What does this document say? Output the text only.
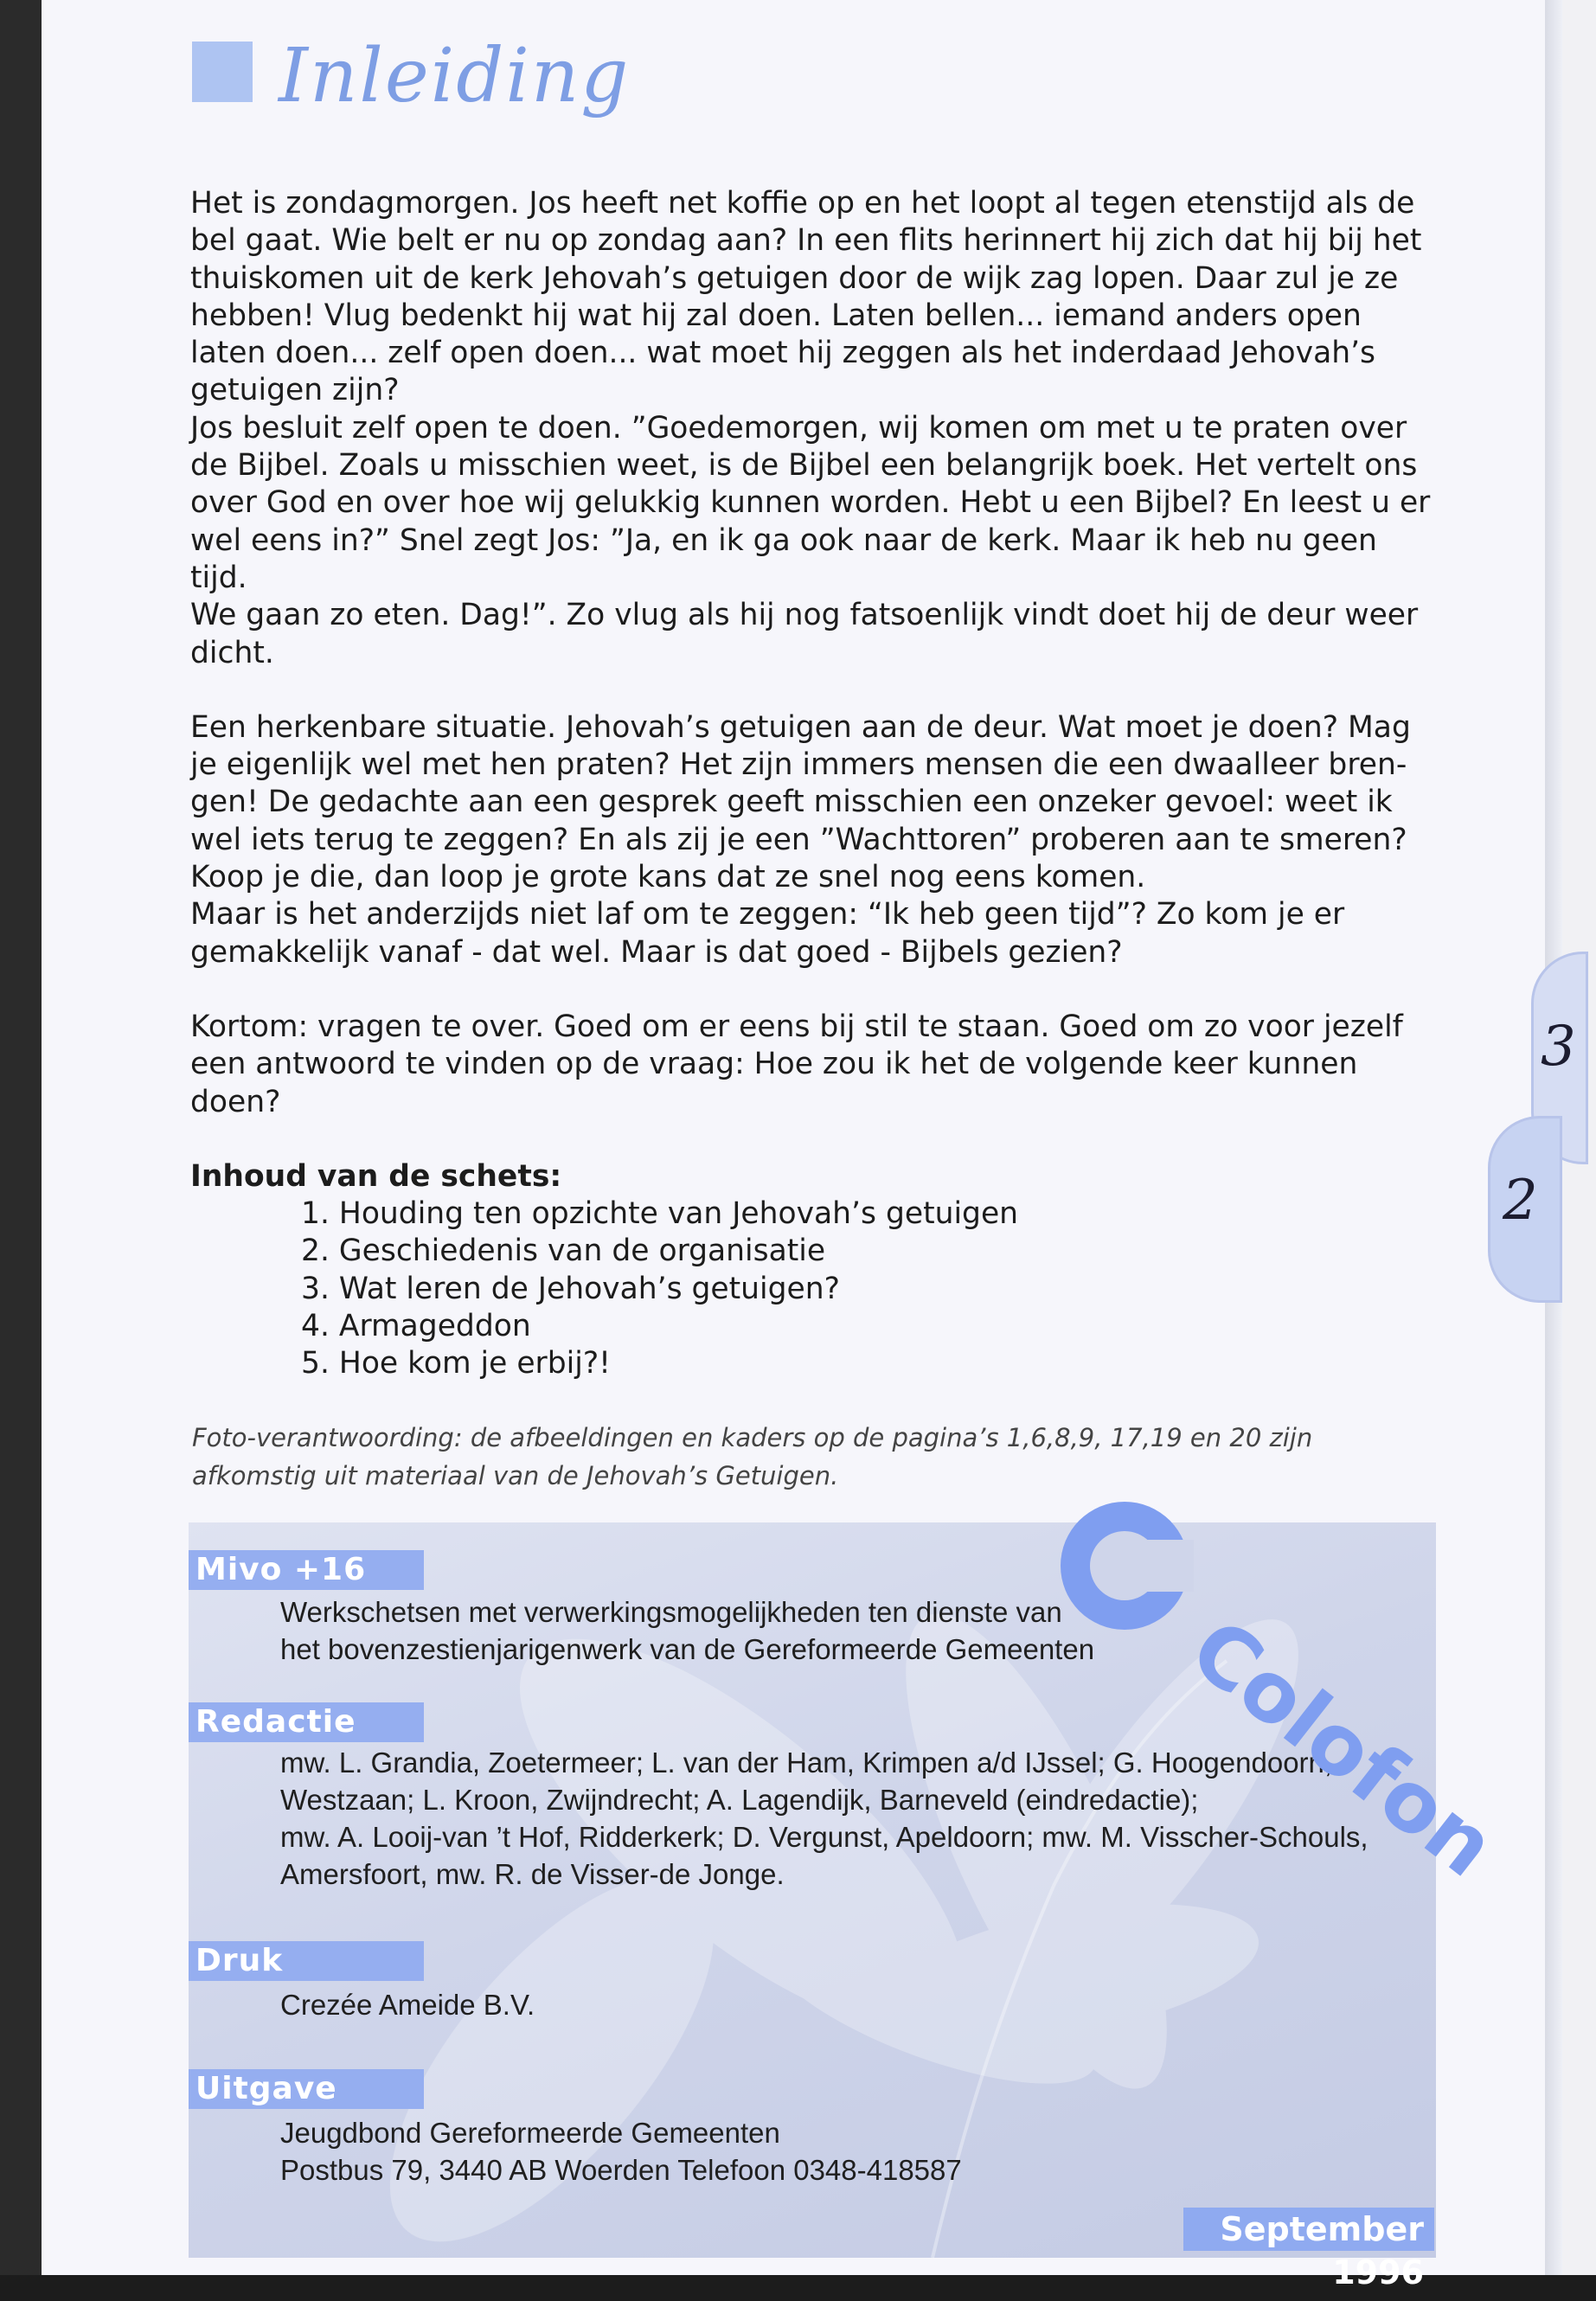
3
2
Inleiding

Het is zondagmorgen. Jos heeft net koffie op en het loopt al tegen etenstijd als de
bel gaat. Wie belt er nu op zondag aan? In een flits herinnert hij zich dat hij bij het
thuiskomen uit de kerk Jehovah’s getuigen door de wijk zag lopen. Daar zul je ze
hebben! Vlug bedenkt hij wat hij zal doen. Laten bellen... iemand anders open
laten doen... zelf open doen... wat moet hij zeggen als het inderdaad Jehovah’s
getuigen zijn?

Jos besluit zelf open te doen. ”Goedemorgen, wij komen om met u te praten over
de Bijbel. Zoals u misschien weet, is de Bijbel een belangrijk boek. Het vertelt ons
over God en over hoe wij gelukkig kunnen worden. Hebt u een Bijbel? En leest u er
wel eens in?” Snel zegt Jos: ”Ja, en ik ga ook naar de kerk. Maar ik heb nu geen tijd.
We gaan zo eten. Dag!”. Zo vlug als hij nog fatsoenlijk vindt doet hij de deur weer
dicht.

Een herkenbare situatie. Jehovah’s getuigen aan de deur. Wat moet je doen? Mag
je eigenlijk wel met hen praten? Het zijn immers mensen die een dwaalleer bren-
gen! De gedachte aan een gesprek geeft misschien een onzeker gevoel: weet ik
wel iets terug te zeggen? En als zij je een ”Wachttoren” proberen aan te smeren?
Koop je die, dan loop je grote kans dat ze snel nog eens komen.

Maar is het anderzijds niet laf om te zeggen: “Ik heb geen tijd”? Zo kom je er
gemakkelijk vanaf - dat wel. Maar is dat goed - Bijbels gezien?

Kortom: vragen te over. Goed om er eens bij stil te staan. Goed om zo voor jezelf
een antwoord te vinden op de vraag: Hoe zou ik het de volgende keer kunnen
doen?

Inhoud van de schets:

1. Houding ten opzichte van Jehovah’s getuigen
2. Geschiedenis van de organisatie
3. Wat leren de Jehovah’s getuigen?
4. Armageddon
5. Hoe kom je erbij?!
Foto-verantwoording: de afbeeldingen en kaders op de pagina’s 1,6,8,9, 17,19 en 20 zijn
afkomstig uit materiaal van de Jehovah’s Getuigen.
Mivo +16
Werkschetsen met verwerkingsmogelijkheden ten dienste van
het bovenzestienjarigenwerk van de Gereformeerde Gemeenten
Redactie
mw. L. Grandia, Zoetermeer; L. van der Ham, Krimpen a/d IJssel; G. Hoogendoorn,
Westzaan; L. Kroon, Zwijndrecht; A. Lagendijk, Barneveld (eindredactie);
mw. A. Looij-van ’t Hof, Ridderkerk; D. Vergunst, Apeldoorn; mw. M. Visscher-Schouls,
Amersfoort, mw. R. de Visser-de Jonge.
Druk
Crezée Ameide B.V.
Uitgave
Jeugdbond Gereformeerde Gemeenten
Postbus 79, 3440 AB Woerden Telefoon 0348-418587
September 1996
Colofon
